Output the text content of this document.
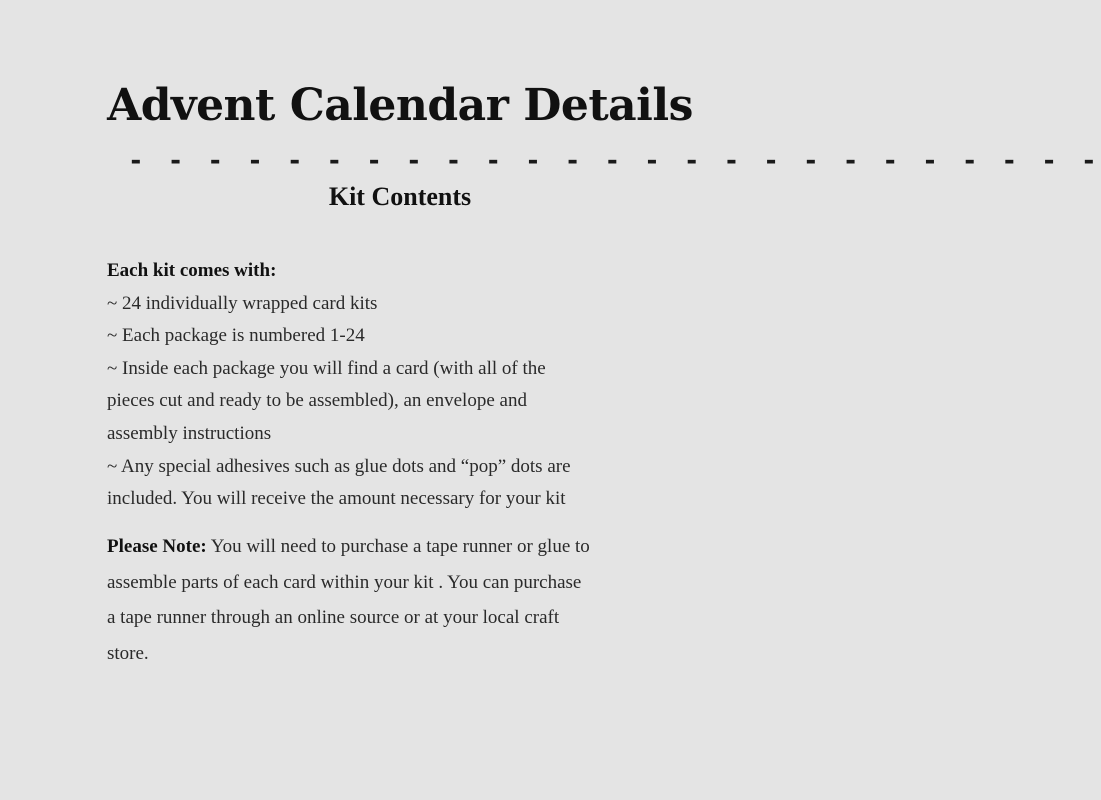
Advent Calendar Details
- - - - - - - - - - - - - - - - - - - - - - - - -
Kit Contents
Each kit comes with:
~ 24 individually wrapped card kits
~ Each package is numbered 1-24
~ Inside each package you will find a card (with all of the
pieces cut and ready to be assembled), an envelope and
assembly instructions
~ Any special adhesives such as glue dots and “pop” dots are
included. You will receive the amount necessary for your kit
Please Note: You will need to purchase a tape runner or glue to
assemble parts of each card within your kit . You can purchase
a tape runner through an online source or at your local craft
store.
